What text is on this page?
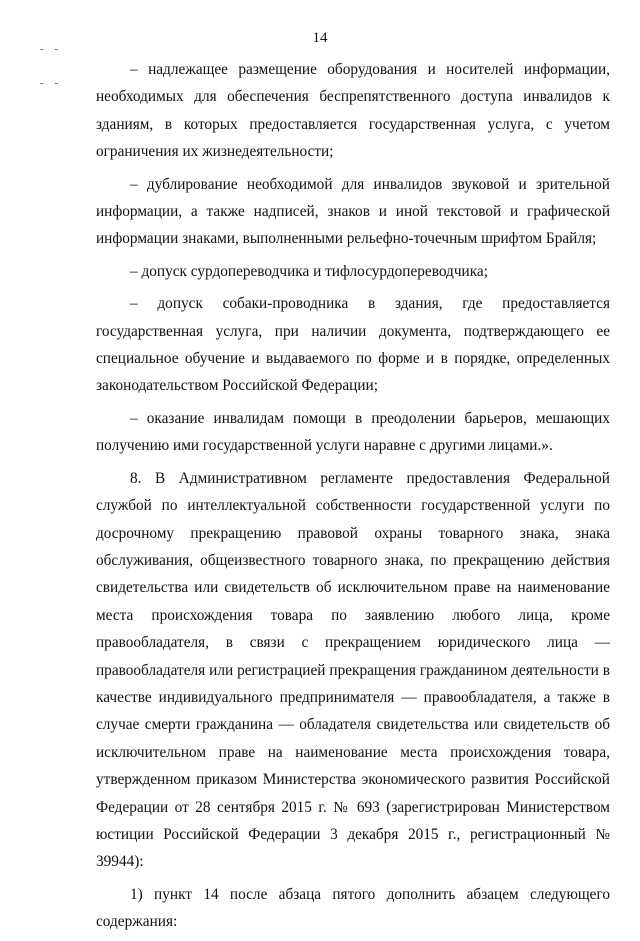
- -
- -
14

– надлежащее размещение оборудования и носителей информации, необходимых для обеспечения беспрепятственного доступа инвалидов к зданиям, в которых предоставляется государственная услуга, с учетом ограничения их жизнедеятельности;

– дублирование необходимой для инвалидов звуковой и зрительной информации, а также надписей, знаков и иной текстовой и графической информации знаками, выполненными рельефно-точечным шрифтом Брайля;

– допуск сурдопереводчика и тифлосурдопереводчика;

– допуск собаки-проводника в здания, где предоставляется государственная услуга, при наличии документа, подтверждающего ее специальное обучение и выдаваемого по форме и в порядке, определенных законодательством Российской Федерации;

– оказание инвалидам помощи в преодолении барьеров, мешающих получению ими государственной услуги наравне с другими лицами.».

8. В Административном регламенте предоставления Федеральной службой по интеллектуальной собственности государственной услуги по досрочному прекращению правовой охраны товарного знака, знака обслуживания, общеизвестного товарного знака, по прекращению действия свидетельства или свидетельств об исключительном праве на наименование места происхождения товара по заявлению любого лица, кроме правообладателя, в связи с прекращением юридического лица — правообладателя или регистрацией прекращения гражданином деятельности в качестве индивидуального предпринимателя — правообладателя, а также в случае смерти гражданина — обладателя свидетельства или свидетельств об исключительном праве на наименование места происхождения товара, утвержденном приказом Министерства экономического развития Российской Федерации от 28 сентября 2015 г. № 693 (зарегистрирован Министерством юстиции Российской Федерации 3 декабря 2015 г., регистрационный № 39944):

1) пункт 14 после абзаца пятого дополнить абзацем следующего содержания:
